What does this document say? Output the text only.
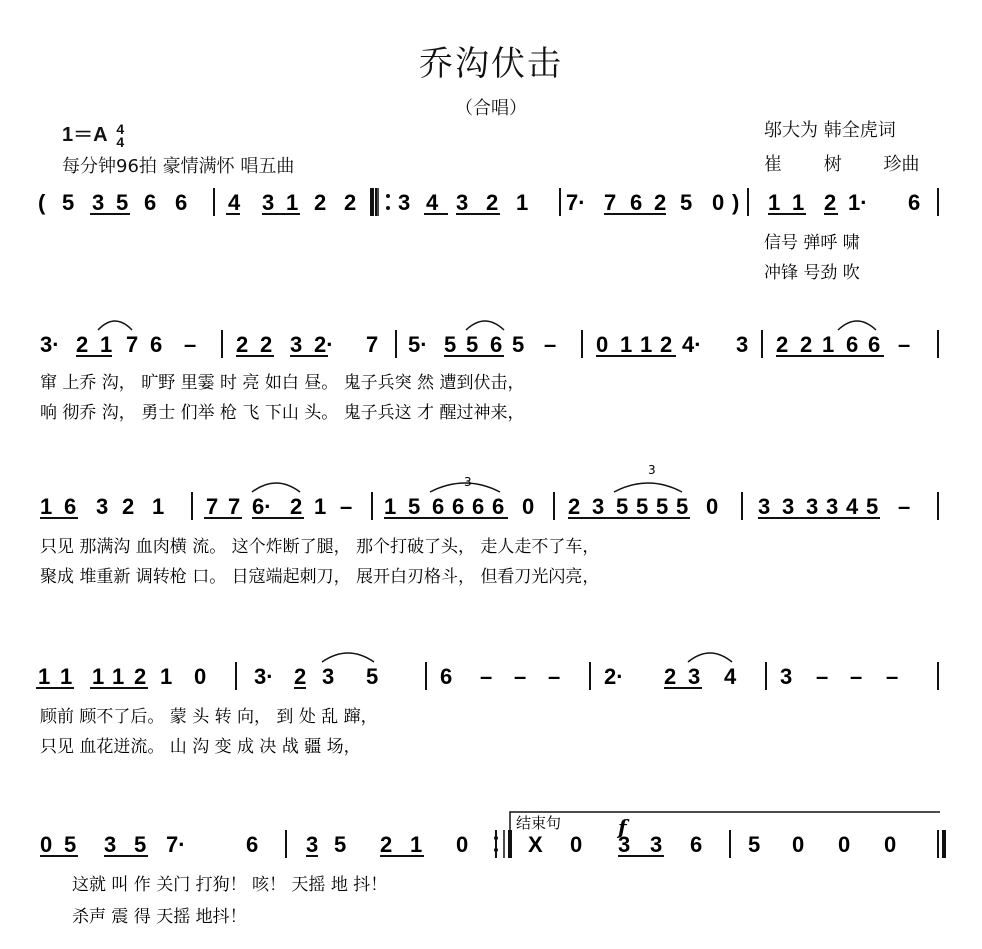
乔沟伏击
（合唱）
1＝A 4
4
每分钟96拍 豪情满怀 唱五曲
邬大为 韩全虎词
崔 树 珍曲
( 5 3 5 6 6 4 3 1 2 2 3 4 3 2 1 7· 7 6 2 5 0 ) 1 1 2 1· 6
信号 弹呼 啸
冲锋 号劲 吹
3· 2 1 7 6 – 2 2 3 2· 7 5· 5 5 6 5 – 0 1 1 2 4· 3 2 2 1 6 6 –
窜 上乔 沟， 旷野 里霎 时 亮 如白 昼。 鬼子兵突 然 遭到伏击，
响 彻乔 沟， 勇士 们举 枪 飞 下山 头。 鬼子兵这 才 醒过神来，
1 6 3 2 1 7 7 6· 2 1 – 1 5 6 6 6 6 0 2 3 5 5 5 5 0 3 3 3 3 4 5 –
只见 那满沟 血肉横 流。 这个炸断了腿， 那个打破了头， 走人走不了车，
聚成 堆重新 调转枪 口。 日寇端起刺刀， 展开白刃格斗， 但看刀光闪亮，
1 1 1 1 2 1 0 3· 2 3 5	6 – – – 2· 2 3 4 3 – – –
顾前 顾不了后。 蒙 头 转 向， 到 处 乱 蹿，
只见 血花迸流。 山 沟 变 成 决 战 疆 场，
0 5 3 5 7·	6 3 5 2 1 0	X 0 3 3 6 5 0 0 0
这就 叫 作 关门 打狗！ 咳！ 天摇 地 抖！
杀声 震 得 天摇 地抖！
结束句	f
3
3
